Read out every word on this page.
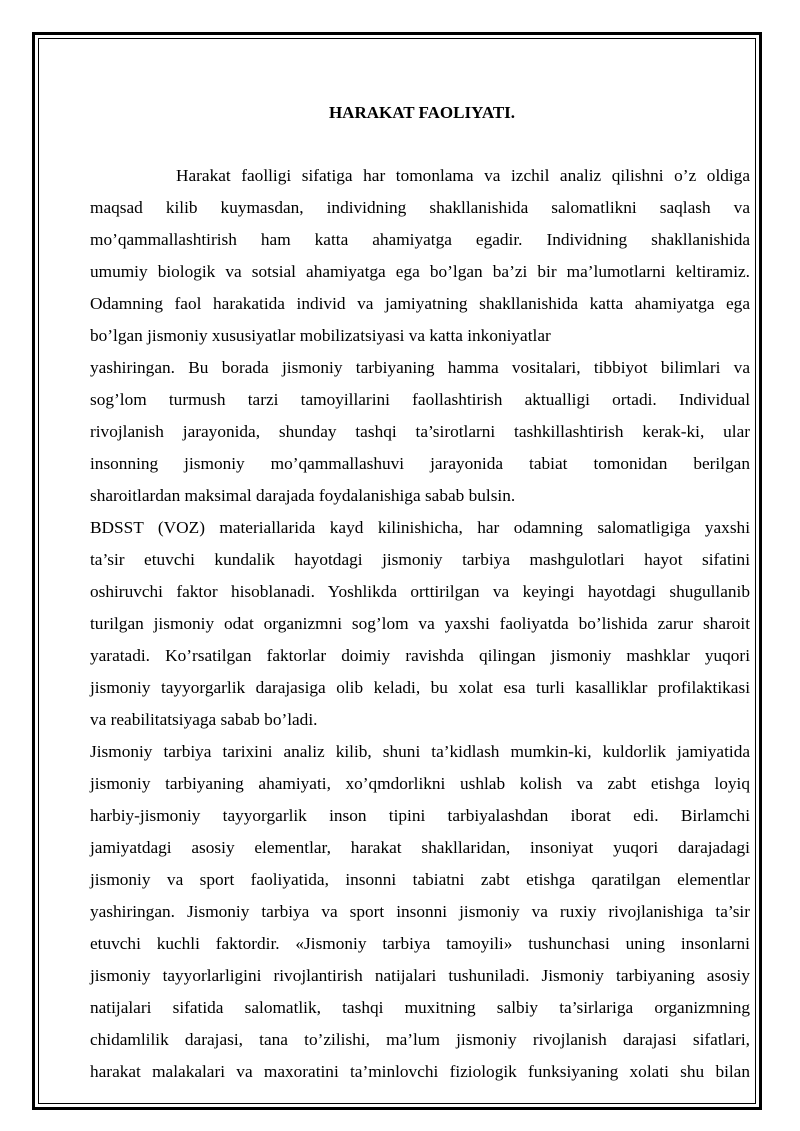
HARAKAT FAOLIYATI.

Harakat faolligi sifatiga har tomonlama va izchil analiz qilishni o’z oldiga
maqsad kilib kuymasdan, individning shakllanishida salomatlikni saqlash va
mo’qammallashtirish ham katta ahamiyatga egadir. Individning shakllanishida
umumiy biologik va sotsial ahamiyatga ega bo’lgan ba’zi bir ma’lumotlarni keltiramiz.
Odamning faol harakatida individ va jamiyatning shakllanishida katta ahamiyatga ega
bo’lgan jismoniy xususiyatlar mobilizatsiyasi va katta inkoniyatlar
yashiringan. Bu borada jismoniy tarbiyaning hamma vositalari, tibbiyot bilimlari va
sog’lom turmush tarzi tamoyillarini faollashtirish aktualligi ortadi. Individual
rivojlanish jarayonida, shunday tashqi ta’sirotlarni tashkillashtirish kerak-ki, ular
insonning jismoniy mo’qammallashuvi jarayonida tabiat tomonidan berilgan
sharoitlardan maksimal darajada foydalanishiga sabab bulsin.

BDSST (VOZ) materiallarida kayd kilinishicha, har odamning salomatligiga yaxshi
ta’sir etuvchi kundalik hayotdagi jismoniy tarbiya mashgulotlari hayot sifatini
oshiruvchi faktor hisoblanadi. Yoshlikda orttirilgan va keyingi hayotdagi shugullanib
turilgan jismoniy odat organizmni sog’lom va yaxshi faoliyatda bo’lishida zarur sharoit
yaratadi. Ko’rsatilgan faktorlar doimiy ravishda qilingan jismoniy mashklar yuqori
jismoniy tayyorgarlik darajasiga olib keladi, bu xolat esa turli kasalliklar profilaktikasi
va reabilitatsiyaga sabab bo’ladi.

Jismoniy tarbiya tarixini analiz kilib, shuni ta’kidlash mumkin-ki, kuldorlik jamiyatida
jismoniy tarbiyaning ahamiyati, xo’qmdorlikni ushlab kolish va zabt etishga loyiq
harbiy-jismoniy tayyorgarlik inson tipini tarbiyalashdan iborat edi. Birlamchi
jamiyatdagi asosiy elementlar, harakat shakllaridan, insoniyat yuqori darajadagi
jismoniy va sport faoliyatida, insonni tabiatni zabt etishga qaratilgan elementlar
yashiringan. Jismoniy tarbiya va sport insonni jismoniy va ruxiy rivojlanishiga ta’sir
etuvchi kuchli faktordir. «Jismoniy tarbiya tamoyili» tushunchasi uning insonlarni
jismoniy tayyorlarligini rivojlantirish natijalari tushuniladi. Jismoniy tarbiyaning asosiy
natijalari sifatida salomatlik, tashqi muxitning salbiy ta’sirlariga organizmning
chidamlilik darajasi, tana to’zilishi, ma’lum jismoniy rivojlanish darajasi sifatlari,
harakat malakalari va maxoratini ta’minlovchi fiziologik funksiyaning xolati shu bilan
